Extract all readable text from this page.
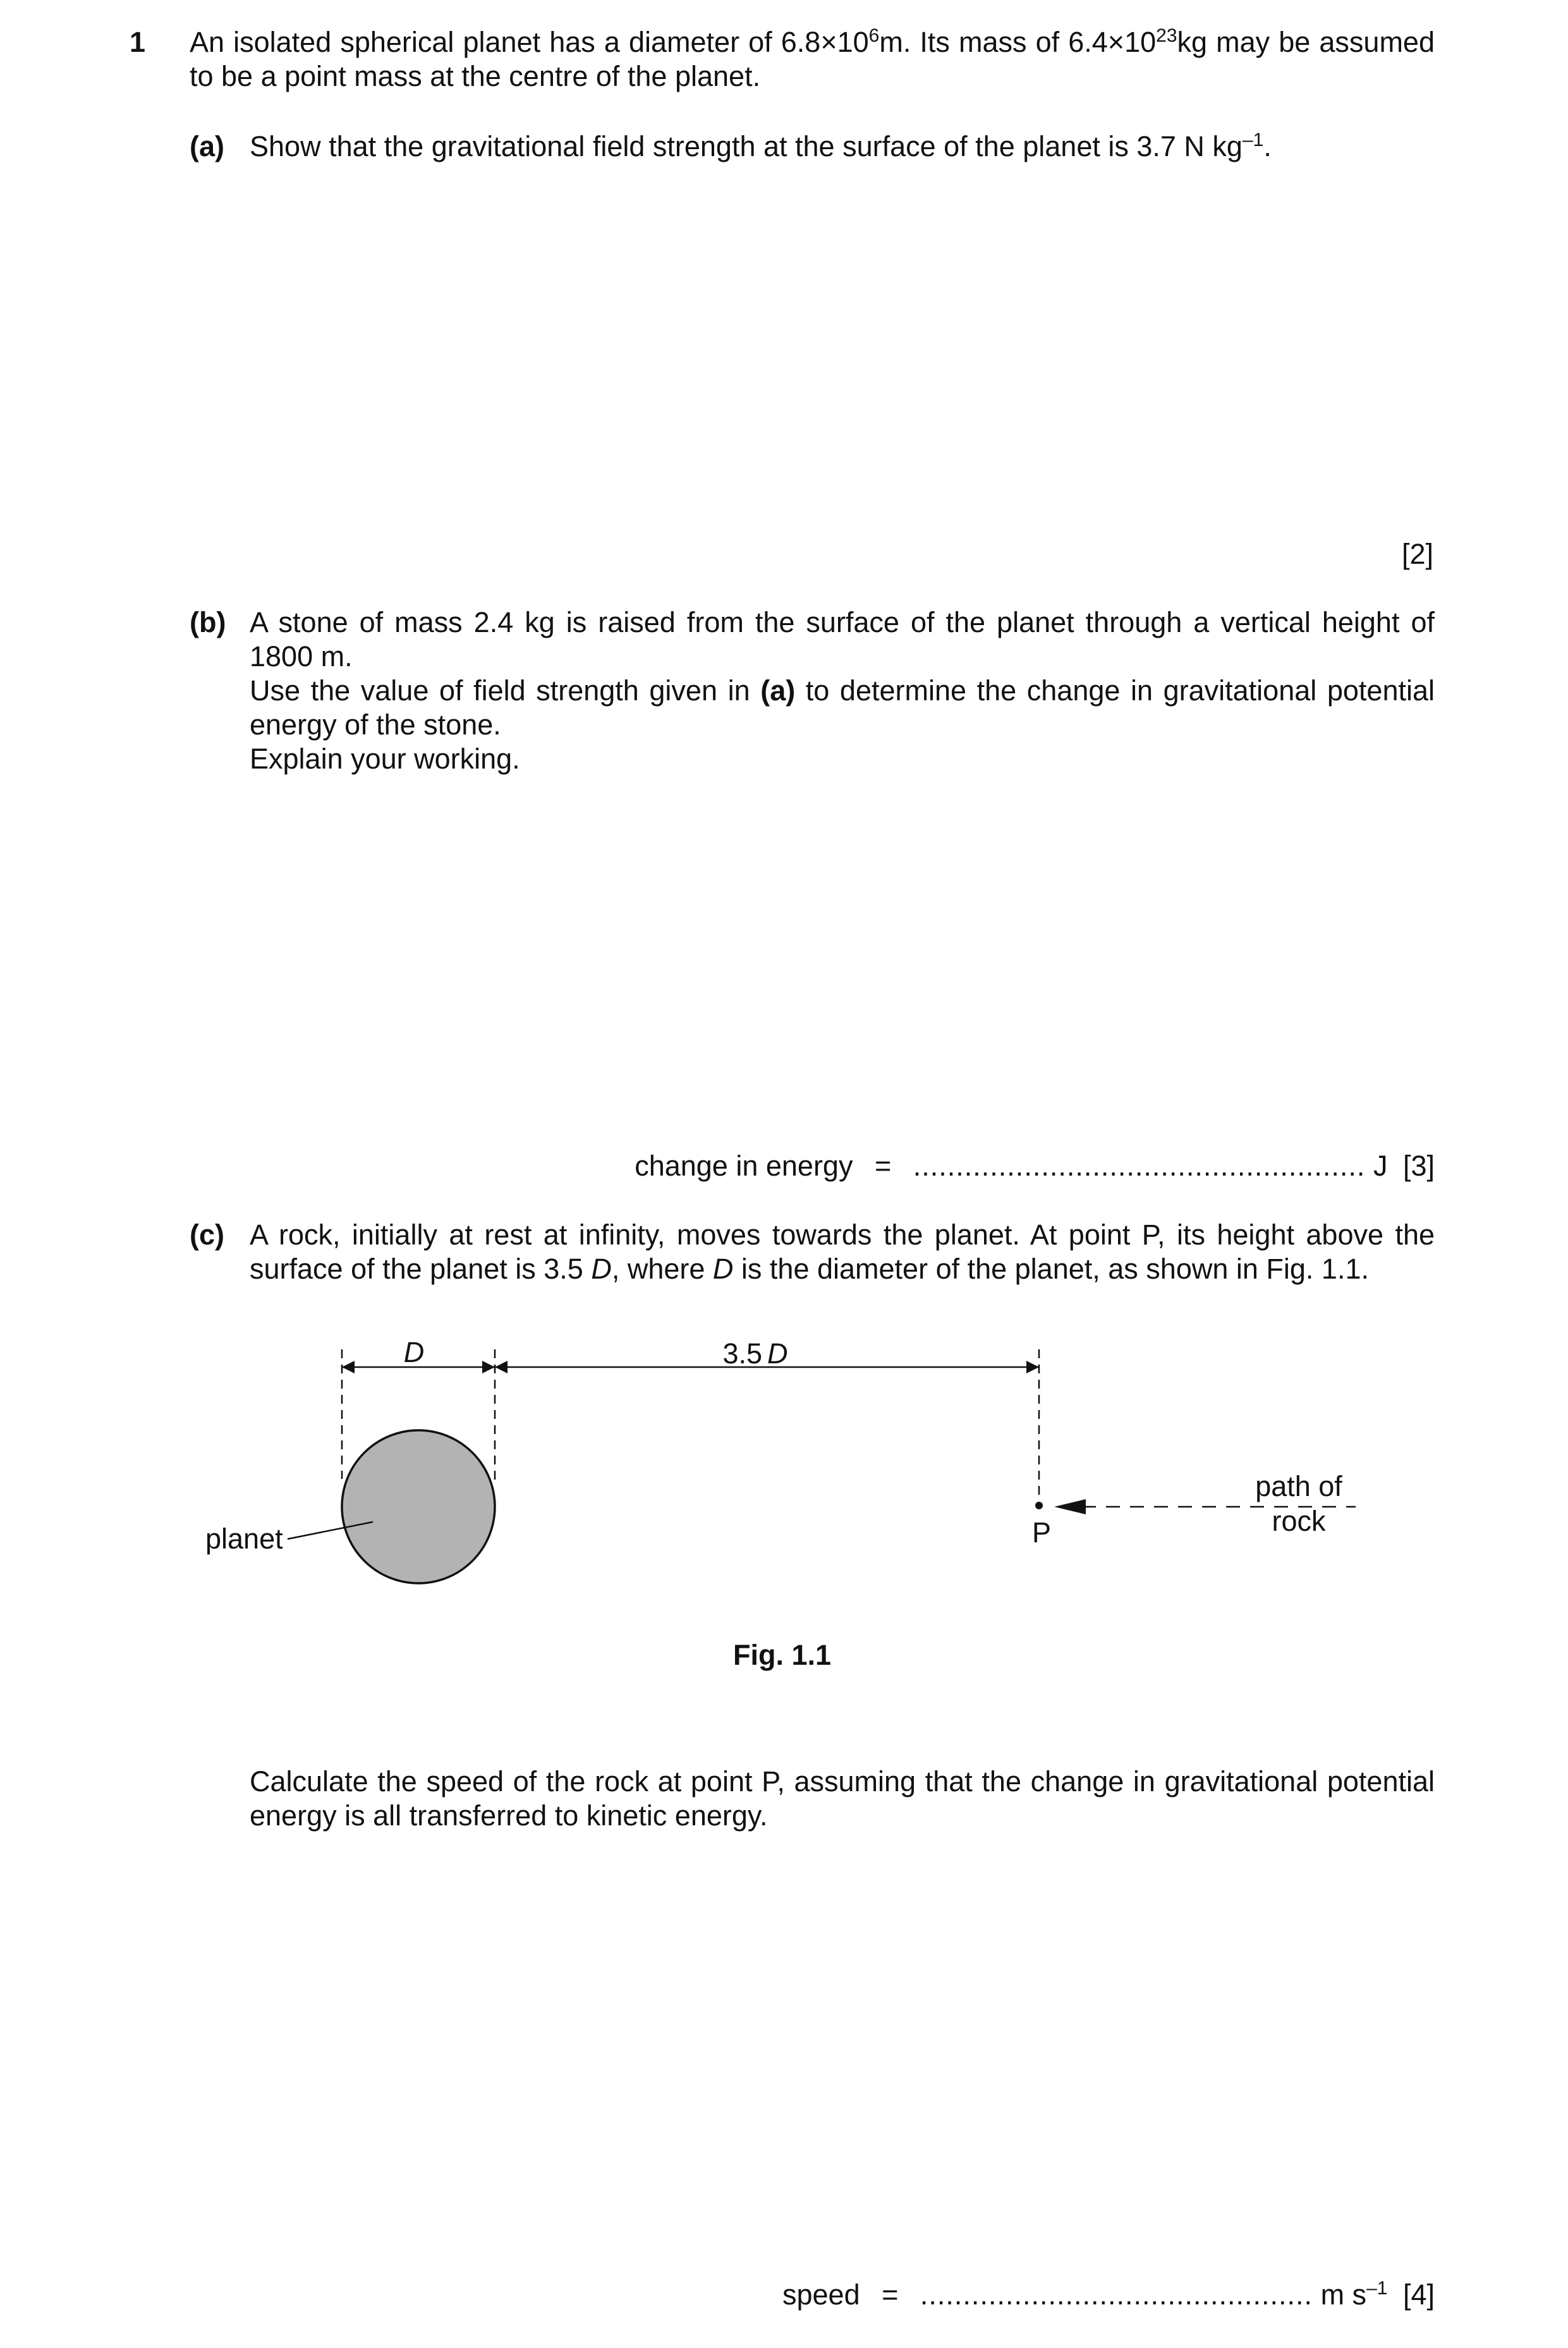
1 An isolated spherical planet has a diameter of $6.8\times 10^6m$. Its mass of $6.4\times 10^{23}kg$ may be assumed to be a point mass at the centre of the planet.
(a) Show that the gravitational field strength at the surface of the planet is 3.7 N $kg^{-1}$.
[2]
(b) A stone of mass 2.4 kg is raised from the surface of the planet through a vertical height of 1800 m.
Use the value of field strength given in (a) to determine the change in gravitational potential energy of the stone.
Explain your working.
change in energy = ..................................................... J [3]
(c) A rock, initially at rest at infinity, moves towards the planet. At point P, its height above the surface of the planet is 3.5 D, where D is the diameter of the planet, as shown in Fig. 1.1.
D	3.5 D
planet	P
path of
rock
Fig. 1.1
Calculate the speed of the rock at point P, assuming that the change in gravitational potential energy is all transferred to kinetic energy.
speed = .............................................. m $s^{-1}$ [4]
